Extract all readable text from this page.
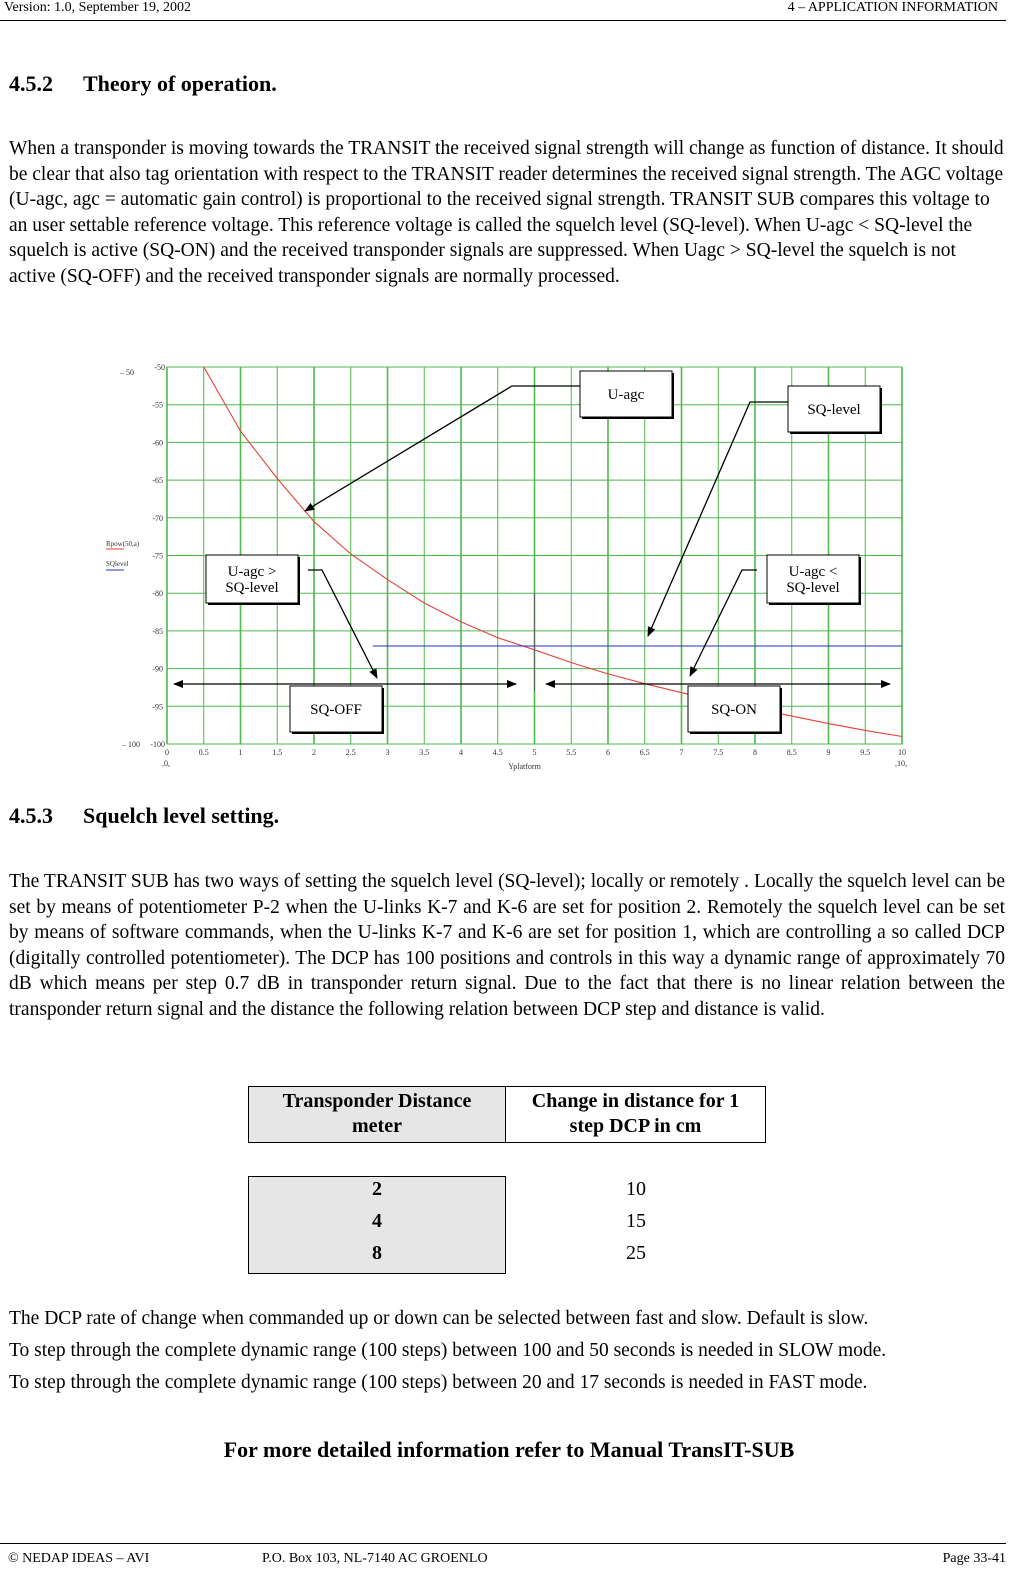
Version: 1.0, September 19, 2002	4 – APPLICATION INFORMATION
4.5.2 Theory of operation.
When a transponder is moving towards the TRANSIT the received signal strength will change as function of distance. It should be clear that also tag orientation with respect to the TRANSIT reader determines the received signal strength. The AGC voltage (U-agc, agc = automatic gain control) is proportional to the received signal strength. TRANSIT SUB compares this voltage to an user settable reference voltage. This reference voltage is called the squelch level (SQ-level). When U-agc < SQ-level the squelch is active (SQ-ON) and the received transponder signals are suppressed. When Uagc > SQ-level the squelch is not active (SQ-OFF) and the received transponder signals are normally processed.
-55
-60
-65
-70
-75
-80
-85
-90
-95
-50
-100
– 50
– 100
0	0.5	1	1.5	2	2.5	3	3.5	4	4.5	5	5.5	6	6.5	7	7.5	8	8.5	9	9.5	10
,0,	,10,
Yplatform
Rpow(50,a)
SQlevel
U-agc
SQ-level
U-agc >
SQ-level
U-agc <
SQ-level
SQ-OFF	SQ-ON
4.5.3 Squelch level setting.
The TRANSIT SUB has two ways of setting the squelch level (SQ-level); locally or remotely . Locally the squelch level can be set by means of potentiometer P-2 when the U-links K-7 and K-6 are set for position 2. Remotely the squelch level can be set by means of software commands, when the U-links K-7 and K-6 are set for position 1, which are controlling a so called DCP (digitally controlled potentiometer). The DCP has 100 positions and controls in this way a dynamic range of approximately 70 dB which means per step 0.7 dB in transponder return signal. Due to the fact that there is no linear relation between the transponder return signal and the distance the following relation between DCP step and distance is valid.
Transponder Distance
meter
Change in distance for 1
step DCP in cm
2	10
4	15
8	25
The DCP rate of change when commanded up or down can be selected between fast and slow. Default is slow.
To step through the complete dynamic range (100 steps) between 100 and 50 seconds is needed in SLOW mode.
To step through the complete dynamic range (100 steps) between 20 and 17 seconds is needed in FAST mode.
For more detailed information refer to Manual TransIT-SUB
© NEDAP IDEAS – AVI	P.O. Box 103, NL-7140 AC GROENLO	Page 33-41
